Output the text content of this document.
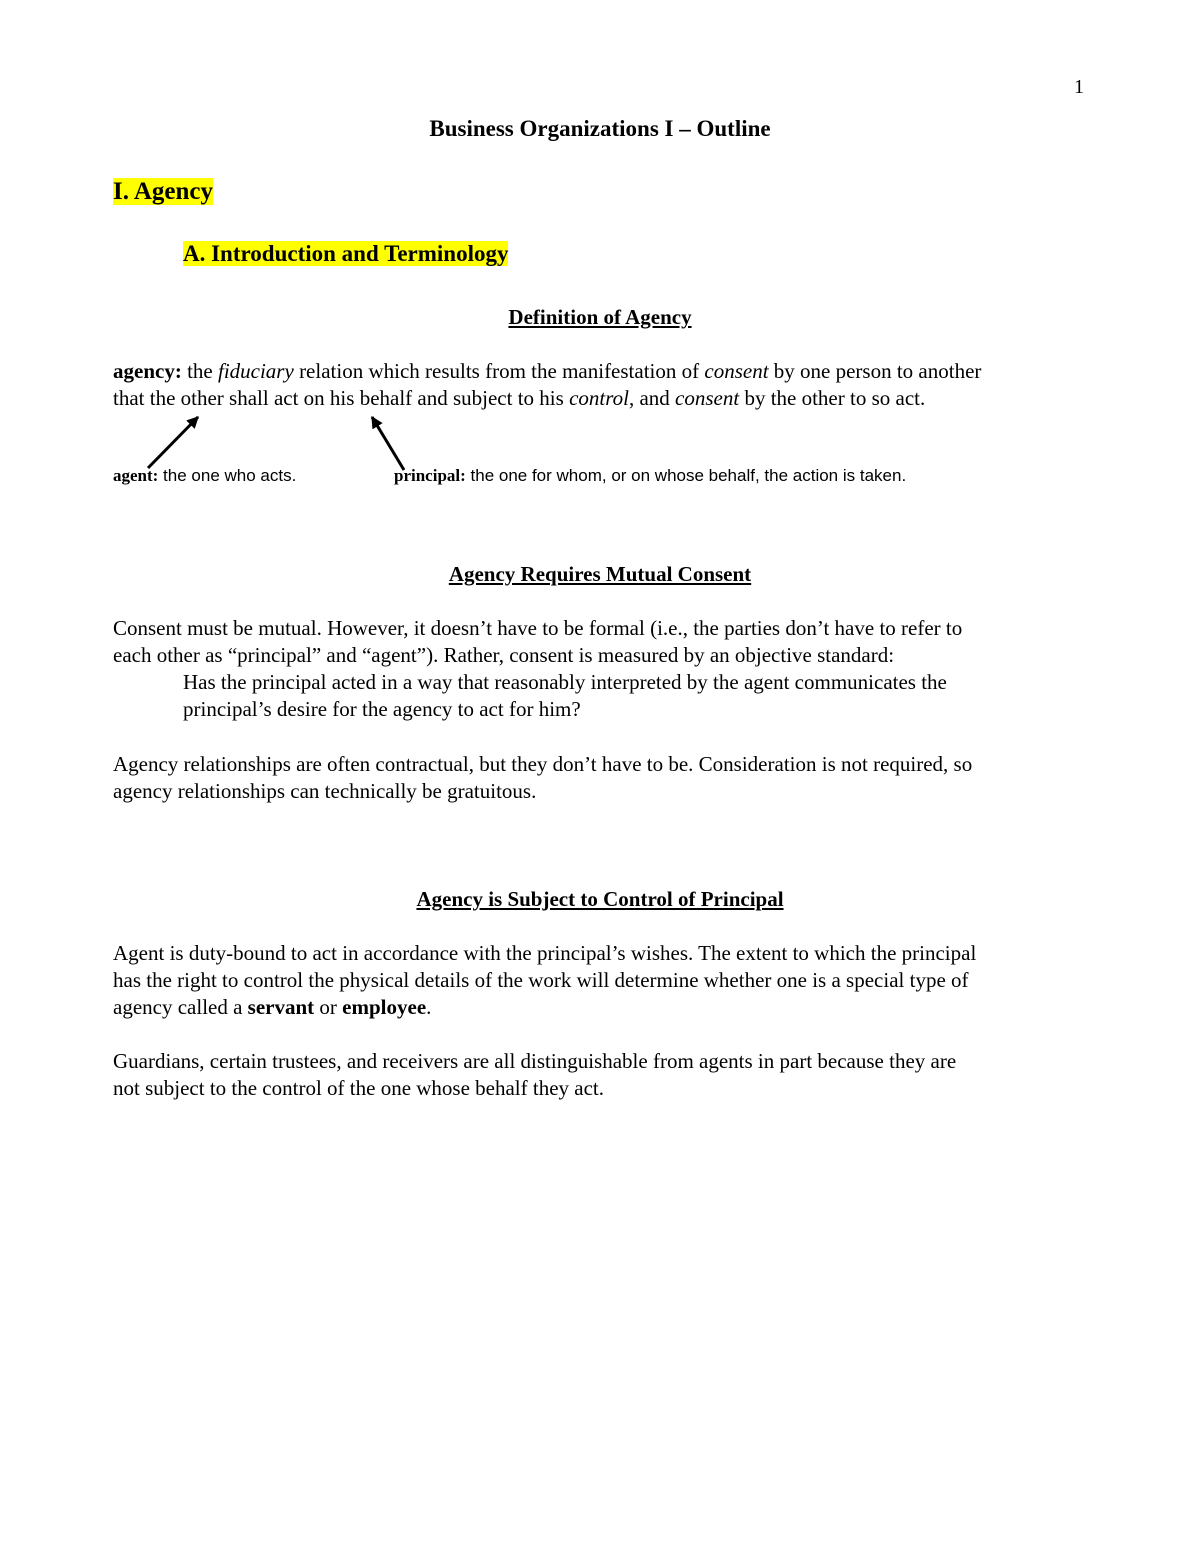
1
Business Organizations I – Outline
I. Agency
A. Introduction and Terminology
Definition of Agency
agency: the fiduciary relation which results from the manifestation of consent by one person to another
that the other shall act on his behalf and subject to his control, and consent by the other to so act.
agent: the one who acts.	principal: the one for whom, or on whose behalf, the action is taken.
Agency Requires Mutual Consent
Consent must be mutual. However, it doesn’t have to be formal (i.e., the parties don’t have to refer to
each other as “principal” and “agent”). Rather, consent is measured by an objective standard:
Has the principal acted in a way that reasonably interpreted by the agent communicates the
principal’s desire for the agency to act for him?
Agency relationships are often contractual, but they don’t have to be. Consideration is not required, so
agency relationships can technically be gratuitous.
Agency is Subject to Control of Principal
Agent is duty-bound to act in accordance with the principal’s wishes. The extent to which the principal
has the right to control the physical details of the work will determine whether one is a special type of
agency called a servant or employee.
Guardians, certain trustees, and receivers are all distinguishable from agents in part because they are
not subject to the control of the one whose behalf they act.
